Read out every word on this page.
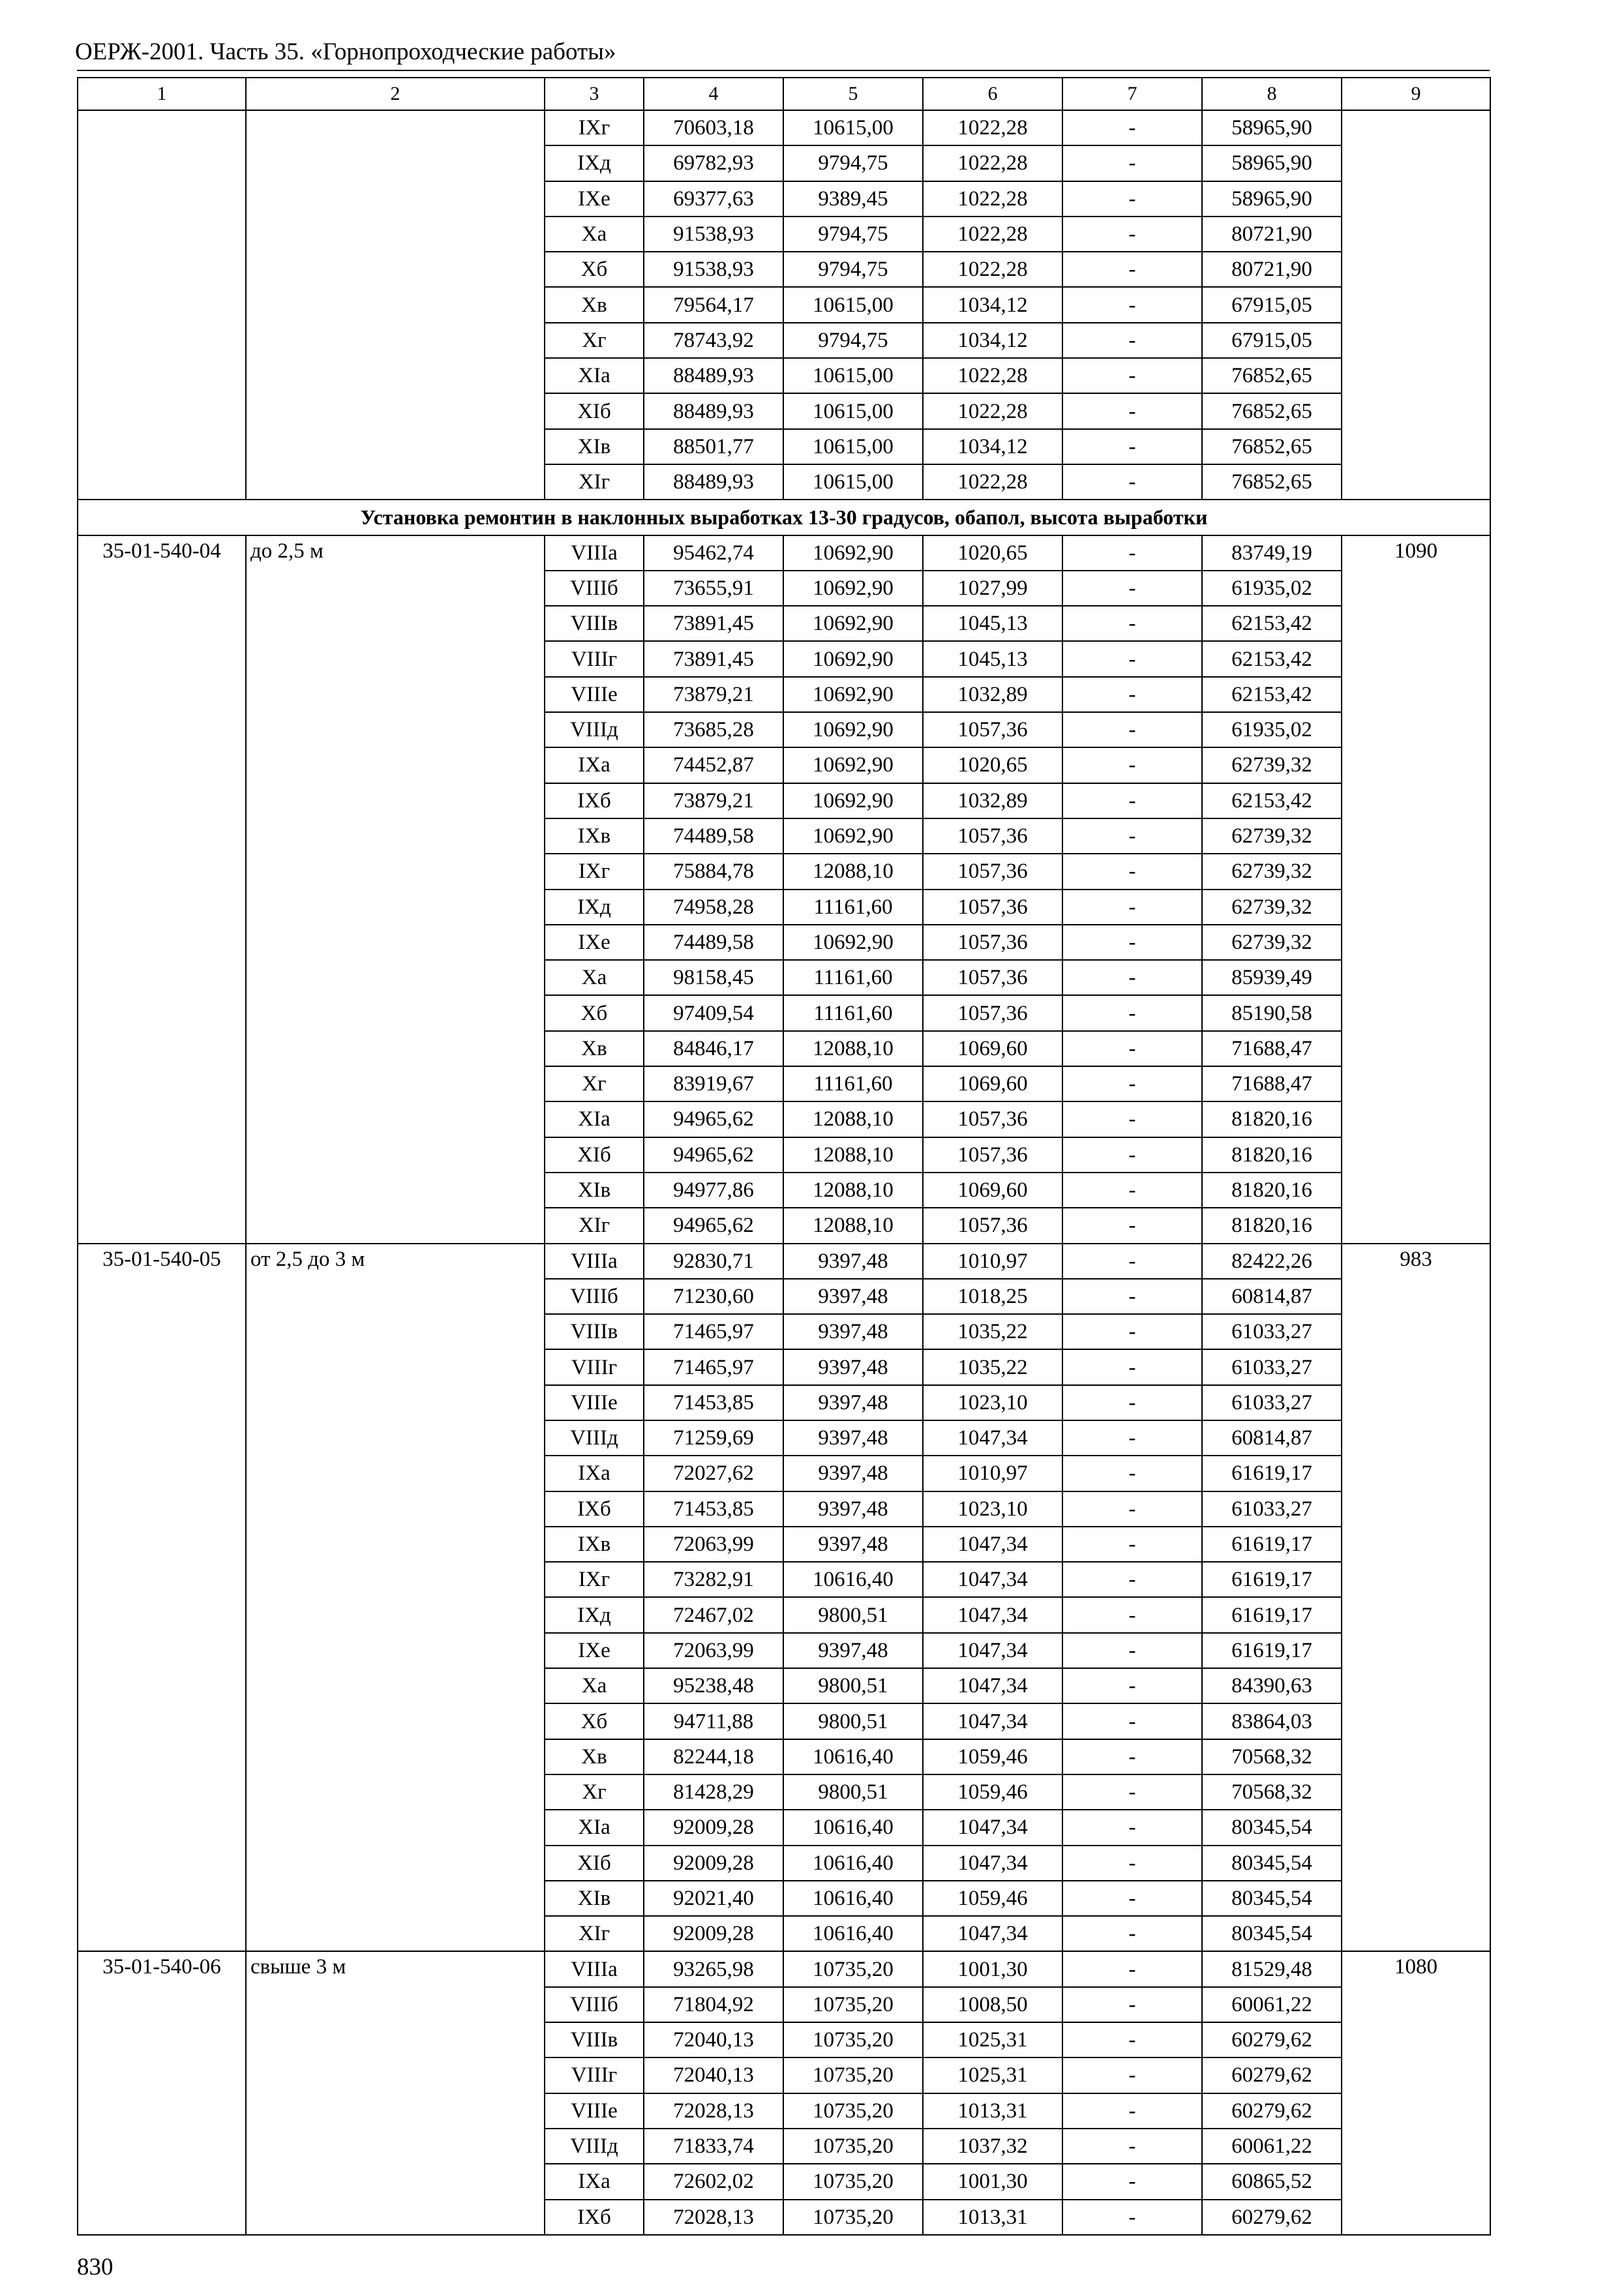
ОЕРЖ-2001. Часть 35. «Горнопроходческие работы»
1	2	3	4	5	6	7	8	9
		IXг	70603,18	10615,00	1022,28	-	58965,90	
		IXд	69782,93	9794,75	1022,28	-	58965,90	
		IXе	69377,63	9389,45	1022,28	-	58965,90	
		Xа	91538,93	9794,75	1022,28	-	80721,90	
		Xб	91538,93	9794,75	1022,28	-	80721,90	
		Xв	79564,17	10615,00	1034,12	-	67915,05	
		Xг	78743,92	9794,75	1034,12	-	67915,05	
		XIа	88489,93	10615,00	1022,28	-	76852,65	
		XIб	88489,93	10615,00	1022,28	-	76852,65	
		XIв	88501,77	10615,00	1034,12	-	76852,65	
		XIг	88489,93	10615,00	1022,28	-	76852,65	
Установка ремонтин в наклонных выработках 13-30 градусов, обапол, высота выработки								
35-01-540-04	до 2,5 м	VIIIа	95462,74	10692,90	1020,65	-	83749,19	1090
		VIIIб	73655,91	10692,90	1027,99	-	61935,02	
		VIIIв	73891,45	10692,90	1045,13	-	62153,42	
		VIIIг	73891,45	10692,90	1045,13	-	62153,42	
		VIIIе	73879,21	10692,90	1032,89	-	62153,42	
		VIIIд	73685,28	10692,90	1057,36	-	61935,02	
		IXа	74452,87	10692,90	1020,65	-	62739,32	
		IXб	73879,21	10692,90	1032,89	-	62153,42	
		IXв	74489,58	10692,90	1057,36	-	62739,32	
		IXг	75884,78	12088,10	1057,36	-	62739,32	
		IXд	74958,28	11161,60	1057,36	-	62739,32	
		IXе	74489,58	10692,90	1057,36	-	62739,32	
		Xа	98158,45	11161,60	1057,36	-	85939,49	
		Xб	97409,54	11161,60	1057,36	-	85190,58	
		Xв	84846,17	12088,10	1069,60	-	71688,47	
		Xг	83919,67	11161,60	1069,60	-	71688,47	
		XIа	94965,62	12088,10	1057,36	-	81820,16	
		XIб	94965,62	12088,10	1057,36	-	81820,16	
		XIв	94977,86	12088,10	1069,60	-	81820,16	
		XIг	94965,62	12088,10	1057,36	-	81820,16	
35-01-540-05	от 2,5 до 3 м	VIIIа	92830,71	9397,48	1010,97	-	82422,26	983
		VIIIб	71230,60	9397,48	1018,25	-	60814,87	
		VIIIв	71465,97	9397,48	1035,22	-	61033,27	
		VIIIг	71465,97	9397,48	1035,22	-	61033,27	
		VIIIе	71453,85	9397,48	1023,10	-	61033,27	
		VIIIд	71259,69	9397,48	1047,34	-	60814,87	
		IXа	72027,62	9397,48	1010,97	-	61619,17	
		IXб	71453,85	9397,48	1023,10	-	61033,27	
		IXв	72063,99	9397,48	1047,34	-	61619,17	
		IXг	73282,91	10616,40	1047,34	-	61619,17	
		IXд	72467,02	9800,51	1047,34	-	61619,17	
		IXе	72063,99	9397,48	1047,34	-	61619,17	
		Xа	95238,48	9800,51	1047,34	-	84390,63	
		Xб	94711,88	9800,51	1047,34	-	83864,03	
		Xв	82244,18	10616,40	1059,46	-	70568,32	
		Xг	81428,29	9800,51	1059,46	-	70568,32	
		XIа	92009,28	10616,40	1047,34	-	80345,54	
		XIб	92009,28	10616,40	1047,34	-	80345,54	
		XIв	92021,40	10616,40	1059,46	-	80345,54	
		XIг	92009,28	10616,40	1047,34	-	80345,54	
35-01-540-06	свыше 3 м	VIIIа	93265,98	10735,20	1001,30	-	81529,48	1080
		VIIIб	71804,92	10735,20	1008,50	-	60061,22	
		VIIIв	72040,13	10735,20	1025,31	-	60279,62	
		VIIIг	72040,13	10735,20	1025,31	-	60279,62	
		VIIIе	72028,13	10735,20	1013,31	-	60279,62	
		VIIIд	71833,74	10735,20	1037,32	-	60061,22	
		IXа	72602,02	10735,20	1001,30	-	60865,52	
		IXб	72028,13	10735,20	1013,31	-	60279,62	
830
